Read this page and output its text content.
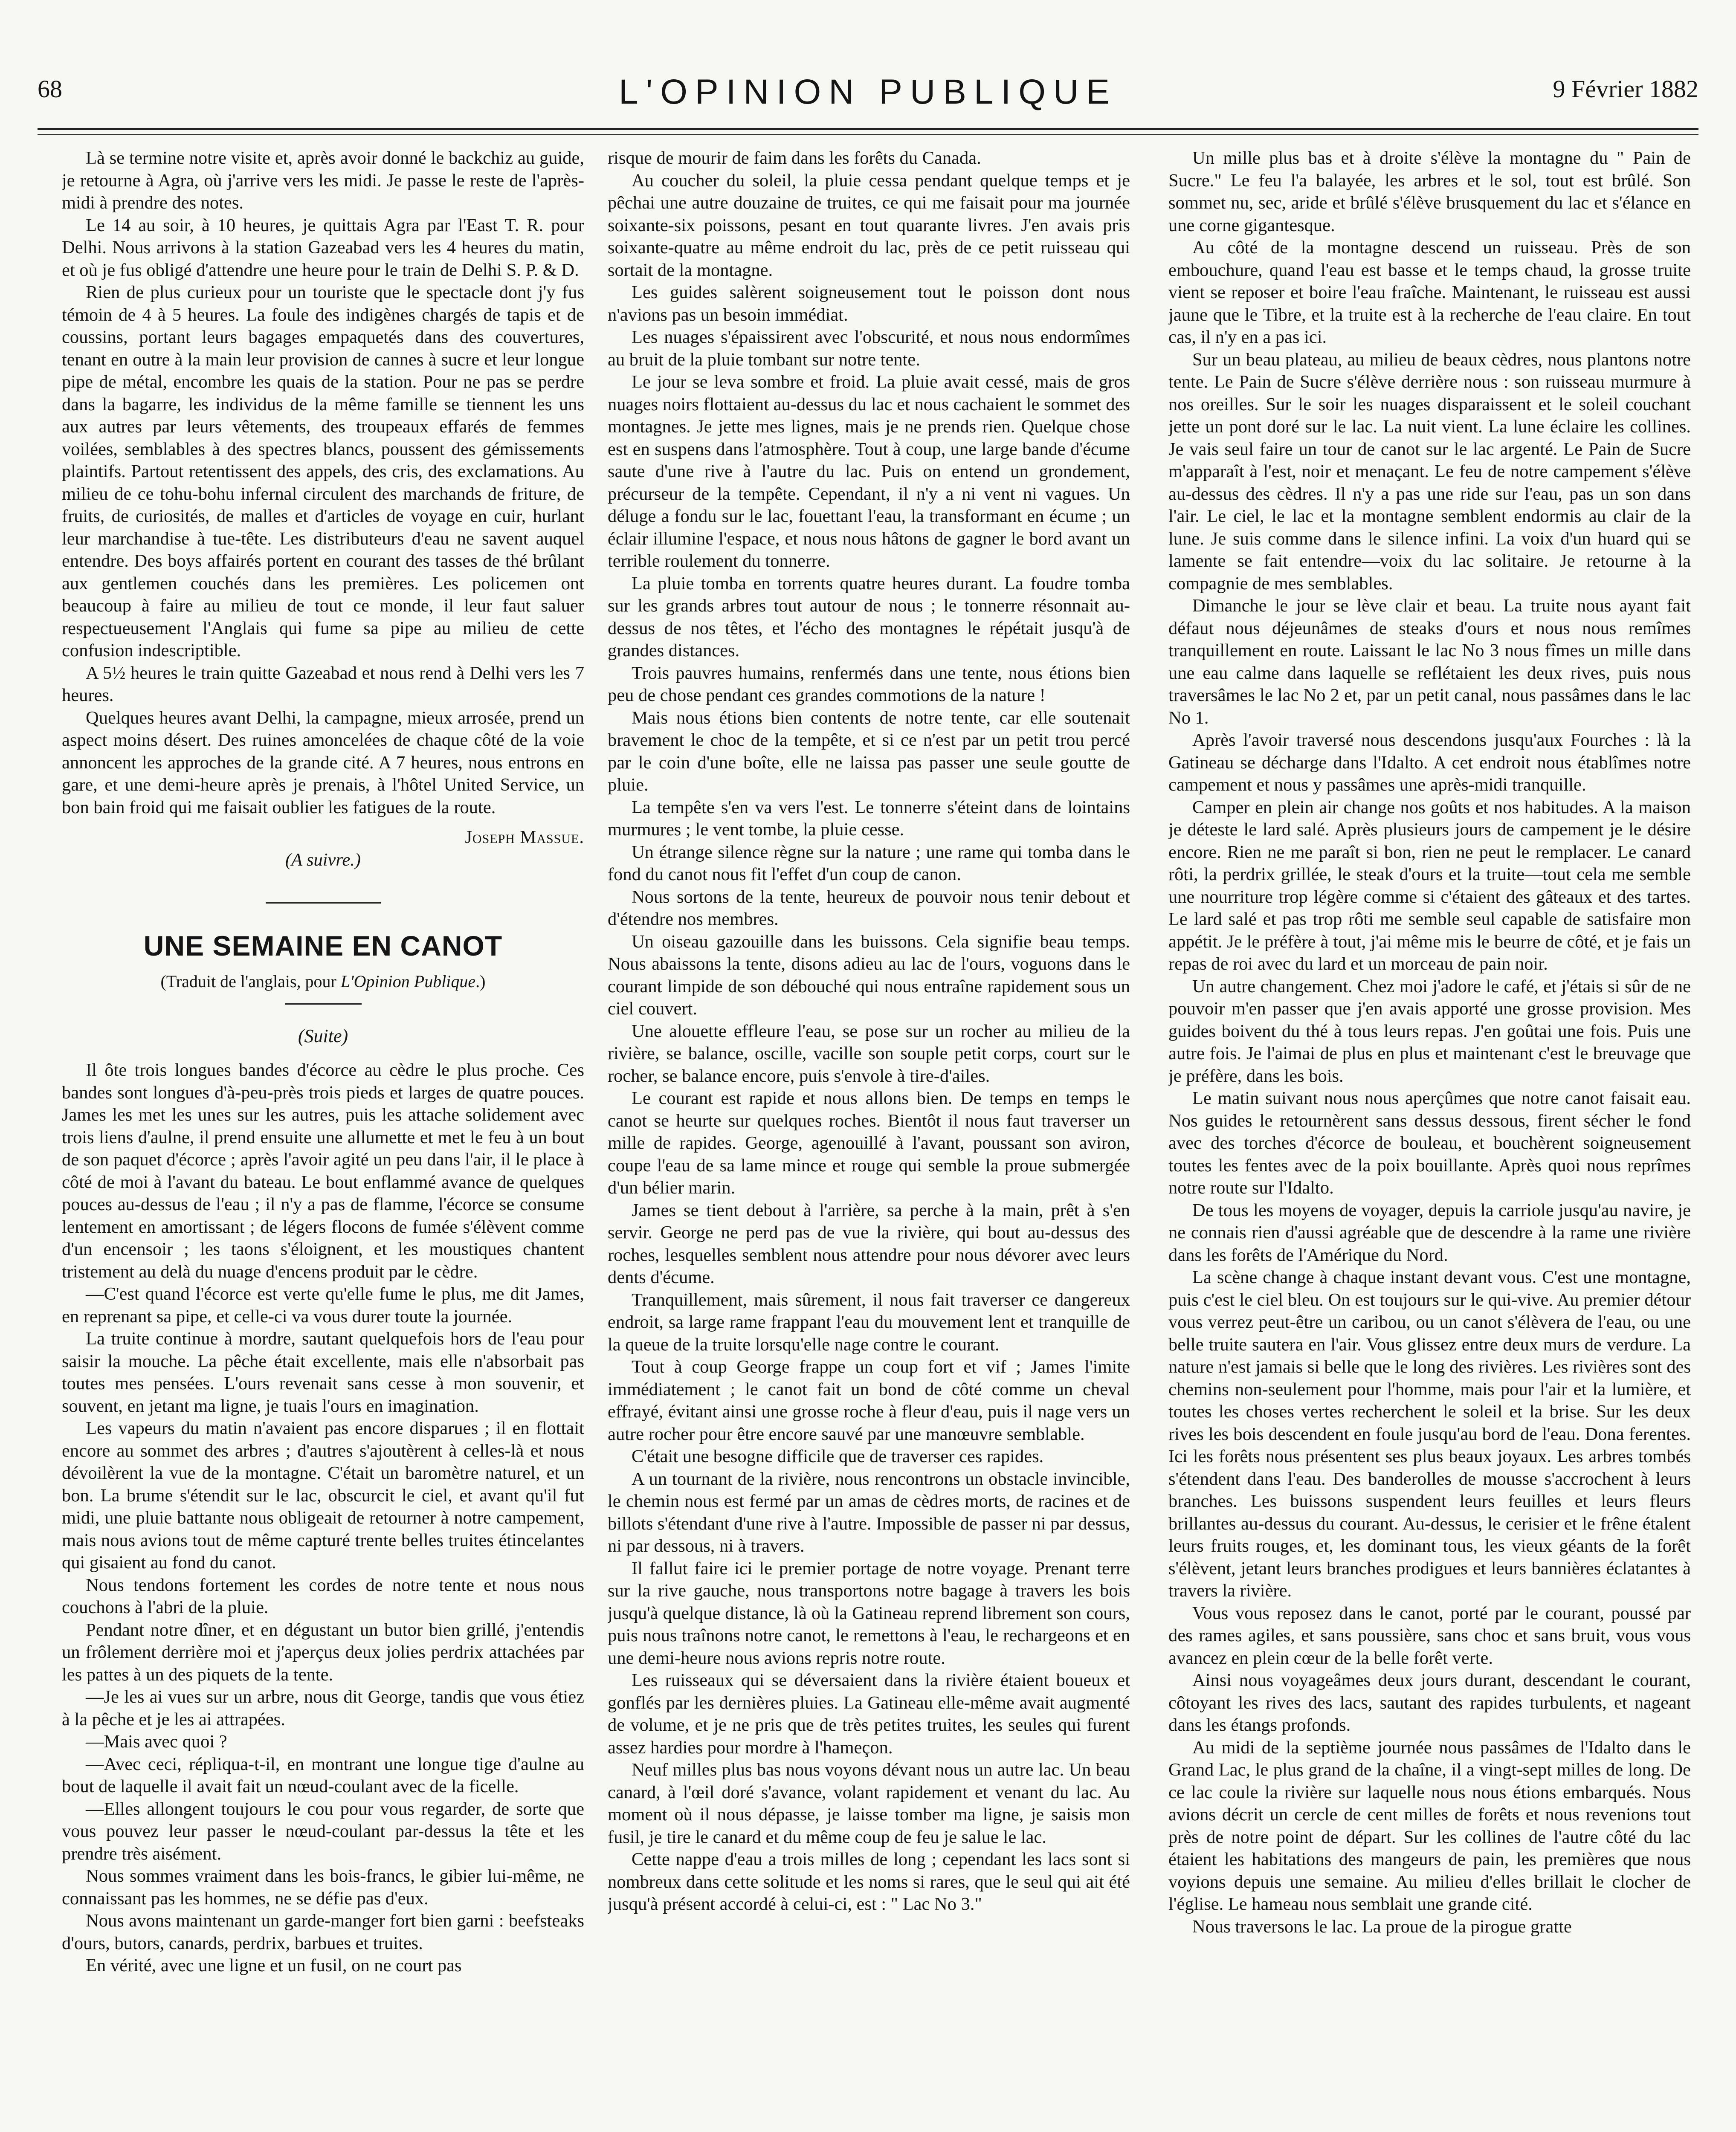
68	L'OPINION PUBLIQUE	9 Février 1882

Là se termine notre visite et, après avoir donné le backchiz au guide, je retourne à Agra, où j'arrive vers les midi. Je passe le reste de l'après-midi à prendre des notes.

Le 14 au soir, à 10 heures, je quittais Agra par l'East T. R. pour Delhi. Nous arrivons à la station Gazeabad vers les 4 heures du matin, et où je fus obligé d'attendre une heure pour le train de Delhi S. P. & D.

Rien de plus curieux pour un touriste que le spectacle dont j'y fus témoin de 4 à 5 heures. La foule des indigènes chargés de tapis et de coussins, portant leurs bagages empaquetés dans des couvertures, tenant en outre à la main leur provision de cannes à sucre et leur longue pipe de métal, encombre les quais de la station. Pour ne pas se perdre dans la bagarre, les individus de la même famille se tiennent les uns aux autres par leurs vêtements, des troupeaux effarés de femmes voilées, semblables à des spectres blancs, poussent des gémissements plaintifs. Partout retentissent des appels, des cris, des exclamations. Au milieu de ce tohu-bohu infernal circulent des marchands de friture, de fruits, de curiosités, de malles et d'articles de voyage en cuir, hurlant leur marchandise à tue-tête. Les distributeurs d'eau ne savent auquel entendre. Des boys affairés portent en courant des tasses de thé brûlant aux gentlemen couchés dans les premières. Les policemen ont beaucoup à faire au milieu de tout ce monde, il leur faut saluer respectueusement l'Anglais qui fume sa pipe au milieu de cette confusion indescriptible.

A 5½ heures le train quitte Gazeabad et nous rend à Delhi vers les 7 heures.

Quelques heures avant Delhi, la campagne, mieux arrosée, prend un aspect moins désert. Des ruines amoncelées de chaque côté de la voie annoncent les approches de la grande cité. A 7 heures, nous entrons en gare, et une demi-heure après je prenais, à l'hôtel United Service, un bon bain froid qui me faisait oublier les fatigues de la route.

Joseph Massue.

(A suivre.)

UNE SEMAINE EN CANOT
(Traduit de l'anglais, pour L'Opinion Publique.)
(Suite)

Il ôte trois longues bandes d'écorce au cèdre le plus proche. Ces bandes sont longues d'à-peu-près trois pieds et larges de quatre pouces. James les met les unes sur les autres, puis les attache solidement avec trois liens d'aulne, il prend ensuite une allumette et met le feu à un bout de son paquet d'écorce ; après l'avoir agité un peu dans l'air, il le place à côté de moi à l'avant du bateau. Le bout enflammé avance de quelques pouces au-dessus de l'eau ; il n'y a pas de flamme, l'écorce se consume lentement en amortissant ; de légers flocons de fumée s'élèvent comme d'un encensoir ; les taons s'éloignent, et les moustiques chantent tristement au delà du nuage d'encens produit par le cèdre.

—C'est quand l'écorce est verte qu'elle fume le plus, me dit James, en reprenant sa pipe, et celle-ci va vous durer toute la journée.

La truite continue à mordre, sautant quelquefois hors de l'eau pour saisir la mouche. La pêche était excellente, mais elle n'absorbait pas toutes mes pensées. L'ours revenait sans cesse à mon souvenir, et souvent, en jetant ma ligne, je tuais l'ours en imagination.

Les vapeurs du matin n'avaient pas encore disparues ; il en flottait encore au sommet des arbres ; d'autres s'ajoutèrent à celles-là et nous dévoilèrent la vue de la montagne. C'était un baromètre naturel, et un bon. La brume s'étendit sur le lac, obscurcit le ciel, et avant qu'il fut midi, une pluie battante nous obligeait de retourner à notre campement, mais nous avions tout de même capturé trente belles truites étincelantes qui gisaient au fond du canot.

Nous tendons fortement les cordes de notre tente et nous nous couchons à l'abri de la pluie.

Pendant notre dîner, et en dégustant un butor bien grillé, j'entendis un frôlement derrière moi et j'aperçus deux jolies perdrix attachées par les pattes à un des piquets de la tente.

—Je les ai vues sur un arbre, nous dit George, tandis que vous étiez à la pêche et je les ai attrapées.

—Mais avec quoi ?

—Avec ceci, répliqua-t-il, en montrant une longue tige d'aulne au bout de laquelle il avait fait un nœud-coulant avec de la ficelle.

—Elles allongent toujours le cou pour vous regarder, de sorte que vous pouvez leur passer le nœud-coulant par-dessus la tête et les prendre très aisément.

Nous sommes vraiment dans les bois-francs, le gibier lui-même, ne connaissant pas les hommes, ne se défie pas d'eux.

Nous avons maintenant un garde-manger fort bien garni : beefsteaks d'ours, butors, canards, perdrix, barbues et truites.

En vérité, avec une ligne et un fusil, on ne court pas

risque de mourir de faim dans les forêts du Canada.

Au coucher du soleil, la pluie cessa pendant quelque temps et je pêchai une autre douzaine de truites, ce qui me faisait pour ma journée soixante-six poissons, pesant en tout quarante livres. J'en avais pris soixante-quatre au même endroit du lac, près de ce petit ruisseau qui sortait de la montagne.

Les guides salèrent soigneusement tout le poisson dont nous n'avions pas un besoin immédiat.

Les nuages s'épaissirent avec l'obscurité, et nous nous endormîmes au bruit de la pluie tombant sur notre tente.

Le jour se leva sombre et froid. La pluie avait cessé, mais de gros nuages noirs flottaient au-dessus du lac et nous cachaient le sommet des montagnes. Je jette mes lignes, mais je ne prends rien. Quelque chose est en suspens dans l'atmosphère. Tout à coup, une large bande d'écume saute d'une rive à l'autre du lac. Puis on entend un grondement, précurseur de la tempête. Cependant, il n'y a ni vent ni vagues. Un déluge a fondu sur le lac, fouettant l'eau, la transformant en écume ; un éclair illumine l'espace, et nous nous hâtons de gagner le bord avant un terrible roulement du tonnerre.

La pluie tomba en torrents quatre heures durant. La foudre tomba sur les grands arbres tout autour de nous ; le tonnerre résonnait au-dessus de nos têtes, et l'écho des montagnes le répétait jusqu'à de grandes distances.

Trois pauvres humains, renfermés dans une tente, nous étions bien peu de chose pendant ces grandes commotions de la nature !

Mais nous étions bien contents de notre tente, car elle soutenait bravement le choc de la tempête, et si ce n'est par un petit trou percé par le coin d'une boîte, elle ne laissa pas passer une seule goutte de pluie.

La tempête s'en va vers l'est. Le tonnerre s'éteint dans de lointains murmures ; le vent tombe, la pluie cesse.

Un étrange silence règne sur la nature ; une rame qui tomba dans le fond du canot nous fit l'effet d'un coup de canon.

Nous sortons de la tente, heureux de pouvoir nous tenir debout et d'étendre nos membres.

Un oiseau gazouille dans les buissons. Cela signifie beau temps. Nous abaissons la tente, disons adieu au lac de l'ours, voguons dans le courant limpide de son débouché qui nous entraîne rapidement sous un ciel couvert.

Une alouette effleure l'eau, se pose sur un rocher au milieu de la rivière, se balance, oscille, vacille son souple petit corps, court sur le rocher, se balance encore, puis s'envole à tire-d'ailes.

Le courant est rapide et nous allons bien. De temps en temps le canot se heurte sur quelques roches. Bientôt il nous faut traverser un mille de rapides. George, agenouillé à l'avant, poussant son aviron, coupe l'eau de sa lame mince et rouge qui semble la proue submergée d'un bélier marin.

James se tient debout à l'arrière, sa perche à la main, prêt à s'en servir. George ne perd pas de vue la rivière, qui bout au-dessus des roches, lesquelles semblent nous attendre pour nous dévorer avec leurs dents d'écume.

Tranquillement, mais sûrement, il nous fait traverser ce dangereux endroit, sa large rame frappant l'eau du mouvement lent et tranquille de la queue de la truite lorsqu'elle nage contre le courant.

Tout à coup George frappe un coup fort et vif ; James l'imite immédiatement ; le canot fait un bond de côté comme un cheval effrayé, évitant ainsi une grosse roche à fleur d'eau, puis il nage vers un autre rocher pour être encore sauvé par une manœuvre semblable.

C'était une besogne difficile que de traverser ces rapides.

A un tournant de la rivière, nous rencontrons un obstacle invincible, le chemin nous est fermé par un amas de cèdres morts, de racines et de billots s'étendant d'une rive à l'autre. Impossible de passer ni par dessus, ni par dessous, ni à travers.

Il fallut faire ici le premier portage de notre voyage. Prenant terre sur la rive gauche, nous transportons notre bagage à travers les bois jusqu'à quelque distance, là où la Gatineau reprend librement son cours, puis nous traînons notre canot, le remettons à l'eau, le rechargeons et en une demi-heure nous avions repris notre route.

Les ruisseaux qui se déversaient dans la rivière étaient boueux et gonflés par les dernières pluies. La Gatineau elle-même avait augmenté de volume, et je ne pris que de très petites truites, les seules qui furent assez hardies pour mordre à l'hameçon.

Neuf milles plus bas nous voyons dévant nous un autre lac. Un beau canard, à l'œil doré s'avance, volant rapidement et venant du lac. Au moment où il nous dépasse, je laisse tomber ma ligne, je saisis mon fusil, je tire le canard et du même coup de feu je salue le lac.

Cette nappe d'eau a trois milles de long ; cependant les lacs sont si nombreux dans cette solitude et les noms si rares, que le seul qui ait été jusqu'à présent accordé à celui-ci, est : " Lac No 3."

Un mille plus bas et à droite s'élève la montagne du " Pain de Sucre." Le feu l'a balayée, les arbres et le sol, tout est brûlé. Son sommet nu, sec, aride et brûlé s'élève brusquement du lac et s'élance en une corne gigantesque.

Au côté de la montagne descend un ruisseau. Près de son embouchure, quand l'eau est basse et le temps chaud, la grosse truite vient se reposer et boire l'eau fraîche. Maintenant, le ruisseau est aussi jaune que le Tibre, et la truite est à la recherche de l'eau claire. En tout cas, il n'y en a pas ici.

Sur un beau plateau, au milieu de beaux cèdres, nous plantons notre tente. Le Pain de Sucre s'élève derrière nous : son ruisseau murmure à nos oreilles. Sur le soir les nuages disparaissent et le soleil couchant jette un pont doré sur le lac. La nuit vient. La lune éclaire les collines. Je vais seul faire un tour de canot sur le lac argenté. Le Pain de Sucre m'apparaît à l'est, noir et menaçant. Le feu de notre campement s'élève au-dessus des cèdres. Il n'y a pas une ride sur l'eau, pas un son dans l'air. Le ciel, le lac et la montagne semblent endormis au clair de la lune. Je suis comme dans le silence infini. La voix d'un huard qui se lamente se fait entendre—voix du lac solitaire. Je retourne à la compagnie de mes semblables.

Dimanche le jour se lève clair et beau. La truite nous ayant fait défaut nous déjeunâmes de steaks d'ours et nous nous remîmes tranquillement en route. Laissant le lac No 3 nous fîmes un mille dans une eau calme dans laquelle se reflétaient les deux rives, puis nous traversâmes le lac No 2 et, par un petit canal, nous passâmes dans le lac No 1.

Après l'avoir traversé nous descendons jusqu'aux Fourches : là la Gatineau se décharge dans l'Idalto. A cet endroit nous établîmes notre campement et nous y passâmes une après-midi tranquille.

Camper en plein air change nos goûts et nos habitudes. A la maison je déteste le lard salé. Après plusieurs jours de campement je le désire encore. Rien ne me paraît si bon, rien ne peut le remplacer. Le canard rôti, la perdrix grillée, le steak d'ours et la truite—tout cela me semble une nourriture trop légère comme si c'étaient des gâteaux et des tartes. Le lard salé et pas trop rôti me semble seul capable de satisfaire mon appétit. Je le préfère à tout, j'ai même mis le beurre de côté, et je fais un repas de roi avec du lard et un morceau de pain noir.

Un autre changement. Chez moi j'adore le café, et j'étais si sûr de ne pouvoir m'en passer que j'en avais apporté une grosse provision. Mes guides boivent du thé à tous leurs repas. J'en goûtai une fois. Puis une autre fois. Je l'aimai de plus en plus et maintenant c'est le breuvage que je préfère, dans les bois.

Le matin suivant nous nous aperçûmes que notre canot faisait eau. Nos guides le retournèrent sans dessus dessous, firent sécher le fond avec des torches d'écorce de bouleau, et bouchèrent soigneusement toutes les fentes avec de la poix bouillante. Après quoi nous reprîmes notre route sur l'Idalto.

De tous les moyens de voyager, depuis la carriole jusqu'au navire, je ne connais rien d'aussi agréable que de descendre à la rame une rivière dans les forêts de l'Amérique du Nord.

La scène change à chaque instant devant vous. C'est une montagne, puis c'est le ciel bleu. On est toujours sur le qui-vive. Au premier détour vous verrez peut-être un caribou, ou un canot s'élèvera de l'eau, ou une belle truite sautera en l'air. Vous glissez entre deux murs de verdure. La nature n'est jamais si belle que le long des rivières. Les rivières sont des chemins non-seulement pour l'homme, mais pour l'air et la lumière, et toutes les choses vertes recherchent le soleil et la brise. Sur les deux rives les bois descendent en foule jusqu'au bord de l'eau. Dona ferentes. Ici les forêts nous présentent ses plus beaux joyaux. Les arbres tombés s'étendent dans l'eau. Des banderolles de mousse s'accrochent à leurs branches. Les buissons suspendent leurs feuilles et leurs fleurs brillantes au-dessus du courant. Au-dessus, le cerisier et le frêne étalent leurs fruits rouges, et, les dominant tous, les vieux géants de la forêt s'élèvent, jetant leurs branches prodigues et leurs bannières éclatantes à travers la rivière.

Vous vous reposez dans le canot, porté par le courant, poussé par des rames agiles, et sans poussière, sans choc et sans bruit, vous vous avancez en plein cœur de la belle forêt verte.

Ainsi nous voyageâmes deux jours durant, descendant le courant, côtoyant les rives des lacs, sautant des rapides turbulents, et nageant dans les étangs profonds.

Au midi de la septième journée nous passâmes de l'Idalto dans le Grand Lac, le plus grand de la chaîne, il a vingt-sept milles de long. De ce lac coule la rivière sur laquelle nous nous étions embarqués. Nous avions décrit un cercle de cent milles de forêts et nous revenions tout près de notre point de départ. Sur les collines de l'autre côté du lac étaient les habitations des mangeurs de pain, les premières que nous voyions depuis une semaine. Au milieu d'elles brillait le clocher de l'église. Le hameau nous semblait une grande cité.

Nous traversons le lac. La proue de la pirogue gratte
